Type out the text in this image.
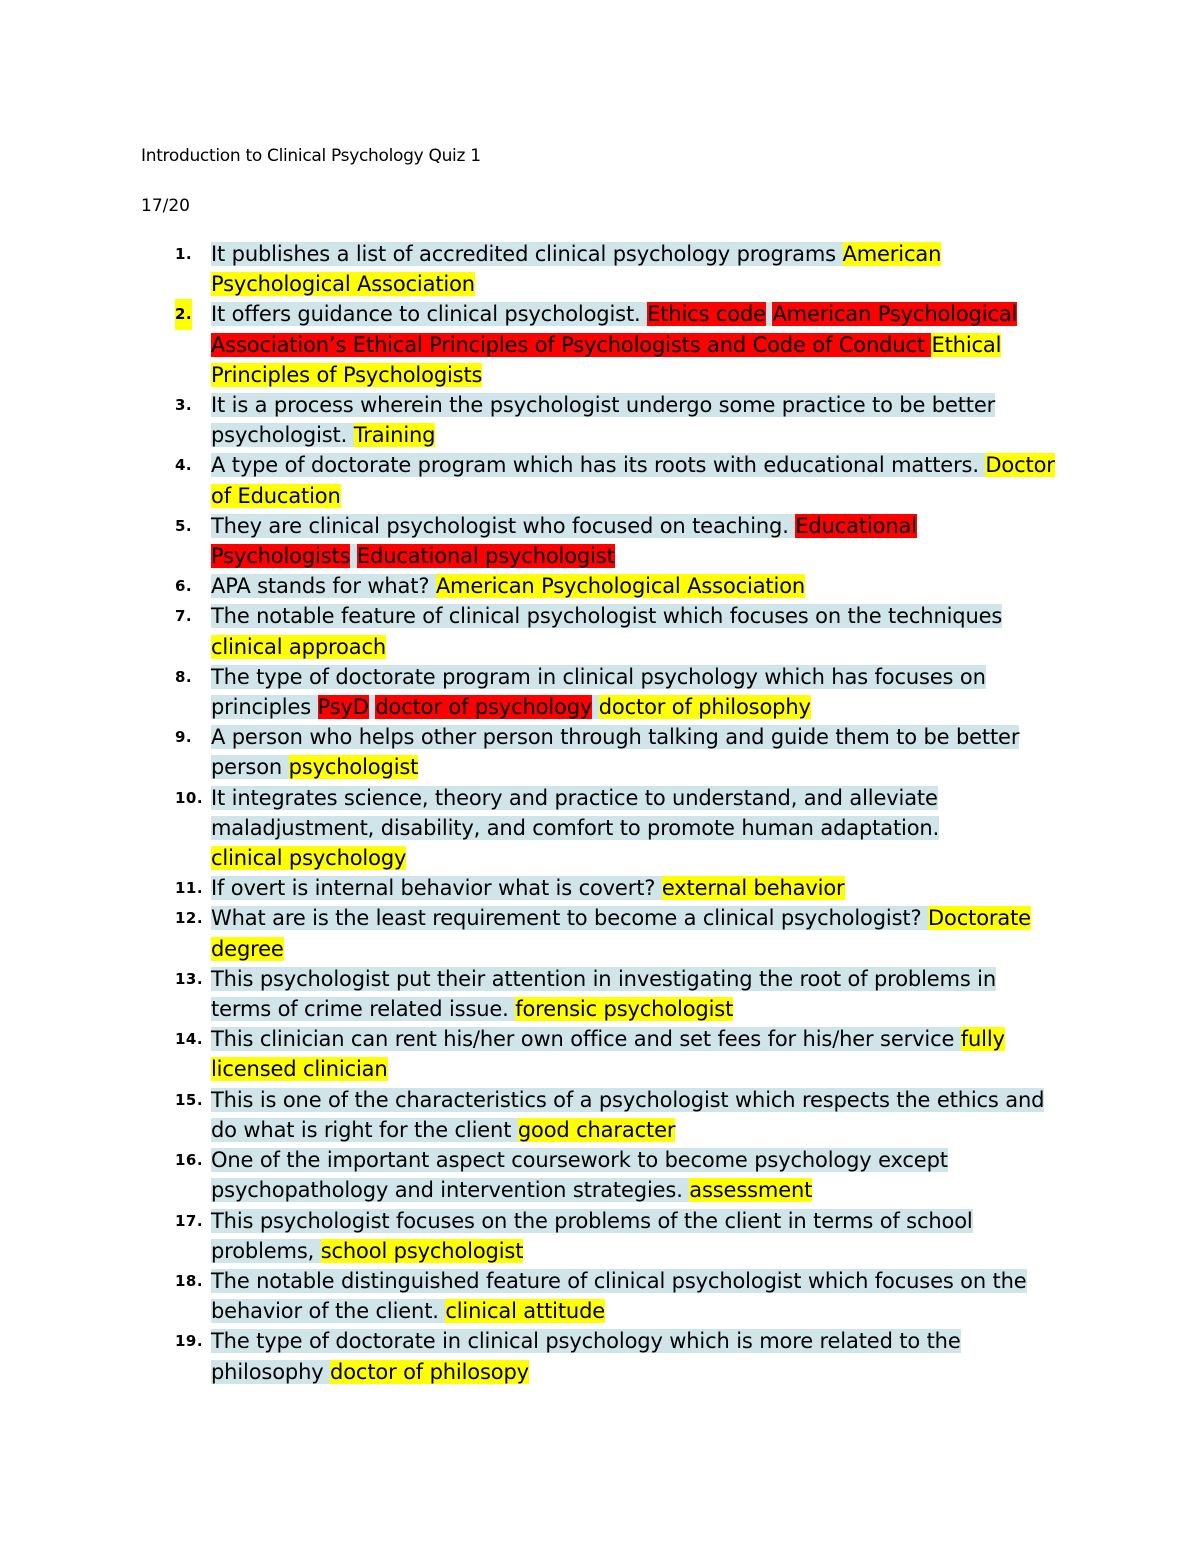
Introduction to Clinical Psychology Quiz 1
17/20
1. It publishes a list of accredited clinical psychology programs American Psychological Association
2. It offers guidance to clinical psychologist. Ethics code American Psychological Association’s Ethical Principles of Psychologists and Code of Conduct Ethical Principles of Psychologists
3. It is a process wherein the psychologist undergo some practice to be better psychologist. Training
4. A type of doctorate program which has its roots with educational matters. Doctor of Education
5. They are clinical psychologist who focused on teaching. Educational Psychologists Educational psychologist
6. APA stands for what? American Psychological Association
7. The notable feature of clinical psychologist which focuses on the techniques clinical approach
8. The type of doctorate program in clinical psychology which has focuses on principles PsyD doctor of psychology doctor of philosophy
9. A person who helps other person through talking and guide them to be better person psychologist
10. It integrates science, theory and practice to understand, and alleviate maladjustment, disability, and comfort to promote human adaptation.
clinical psychology
11. If overt is internal behavior what is covert? external behavior
12. What are is the least requirement to become a clinical psychologist? Doctorate degree
13. This psychologist put their attention in investigating the root of problems in terms of crime related issue. forensic psychologist
14. This clinician can rent his/her own office and set fees for his/her service fully licensed clinician
15. This is one of the characteristics of a psychologist which respects the ethics and do what is right for the client good character
16. One of the important aspect coursework to become psychology except psychopathology and intervention strategies. assessment
17. This psychologist focuses on the problems of the client in terms of school problems, school psychologist
18. The notable distinguished feature of clinical psychologist which focuses on the behavior of the client. clinical attitude
19. The type of doctorate in clinical psychology which is more related to the philosophy doctor of philosopy
